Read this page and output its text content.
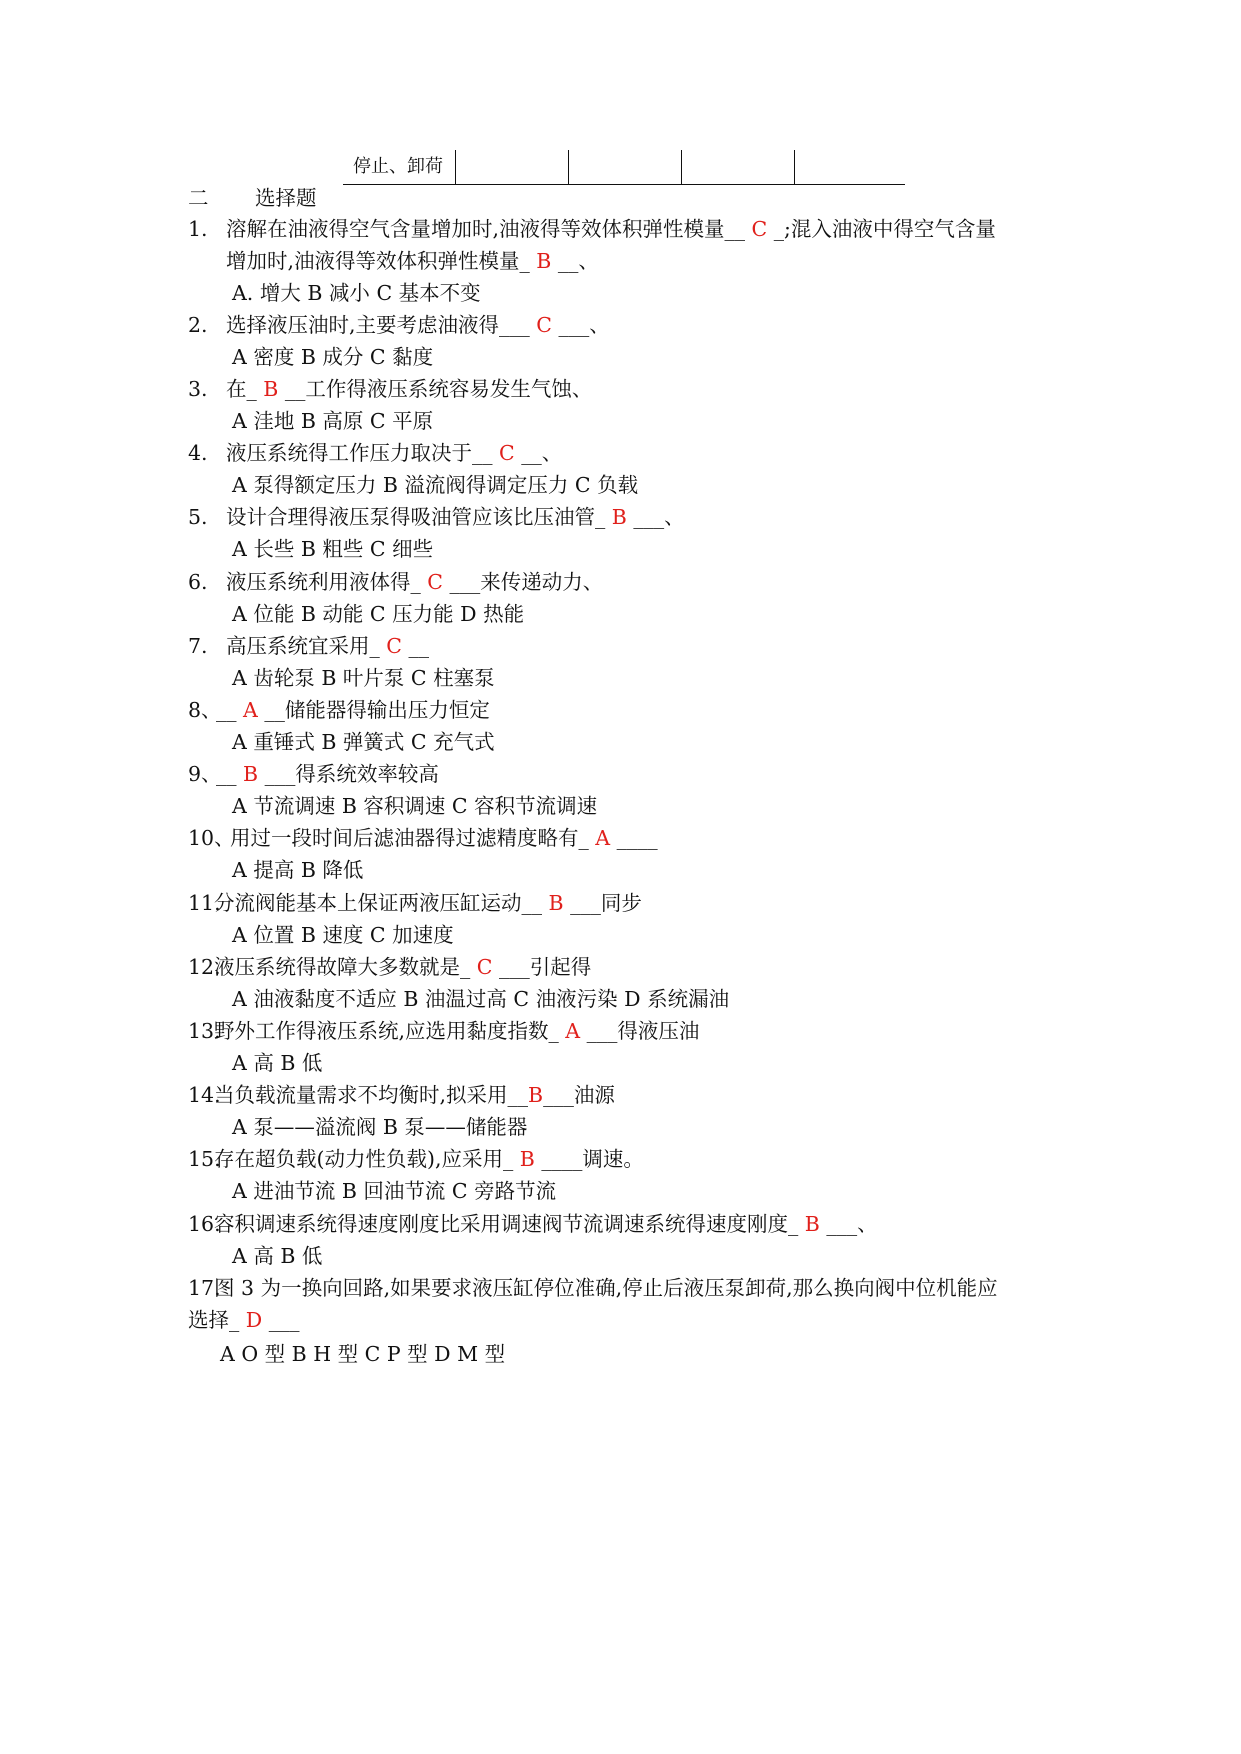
停止、卸荷
二 选择题
1. 溶解在油液得空气含量增加时,油液得等效体积弹性模量__ C _;混入油液中得空气含量
增加时,油液得等效体积弹性模量_ B __、
A. 增大 B 减小 C 基本不变
2. 选择液压油时,主要考虑油液得___ C ___、
A 密度 B 成分 C 黏度
3. 在_ B __工作得液压系统容易发生气蚀、
A 洼地 B 高原 C 平原
4. 液压系统得工作压力取决于__ C __、
A 泵得额定压力 B 溢流阀得调定压力 C 负载
5. 设计合理得液压泵得吸油管应该比压油管_ B ___、
A 长些 B 粗些 C 细些
6. 液压系统利用液体得_ C ___来传递动力、
A 位能 B 动能 C 压力能 D 热能
7. 高压系统宜采用_ C __
A 齿轮泵 B 叶片泵 C 柱塞泵
8、
__ A __储能器得输出压力恒定
A 重锤式 B 弹簧式 C 充气式
9、
__ B ___得系统效率较高
A 节流调速 B 容积调速 C 容积节流调速
10、
用过一段时间后滤油器得过滤精度略有_ A ____
A 提高 B 降低
11.
分流阀能基本上保证两液压缸运动__ B ___同步
A 位置 B 速度 C 加速度
12.
液压系统得故障大多数就是_ C ___引起得
A 油液黏度不适应 B 油温过高 C 油液污染 D 系统漏油
13.
野外工作得液压系统,应选用黏度指数_ A ___得液压油
A 高 B 低
14.
当负载流量需求不均衡时,拟采用__B___油源
A 泵——溢流阀 B 泵——储能器
15.
存在超负载(动力性负载),应采用_ B ____调速。
A 进油节流 B 回油节流 C 旁路节流
16.
容积调速系统得速度刚度比采用调速阀节流调速系统得速度刚度_ B ___、
A 高 B 低
17.
图 3 为一换向回路,如果要求液压缸停位准确,停止后液压泵卸荷,那么换向阀中位机能应
选择_ D ___
A O 型 B H 型 C P 型 D M 型
